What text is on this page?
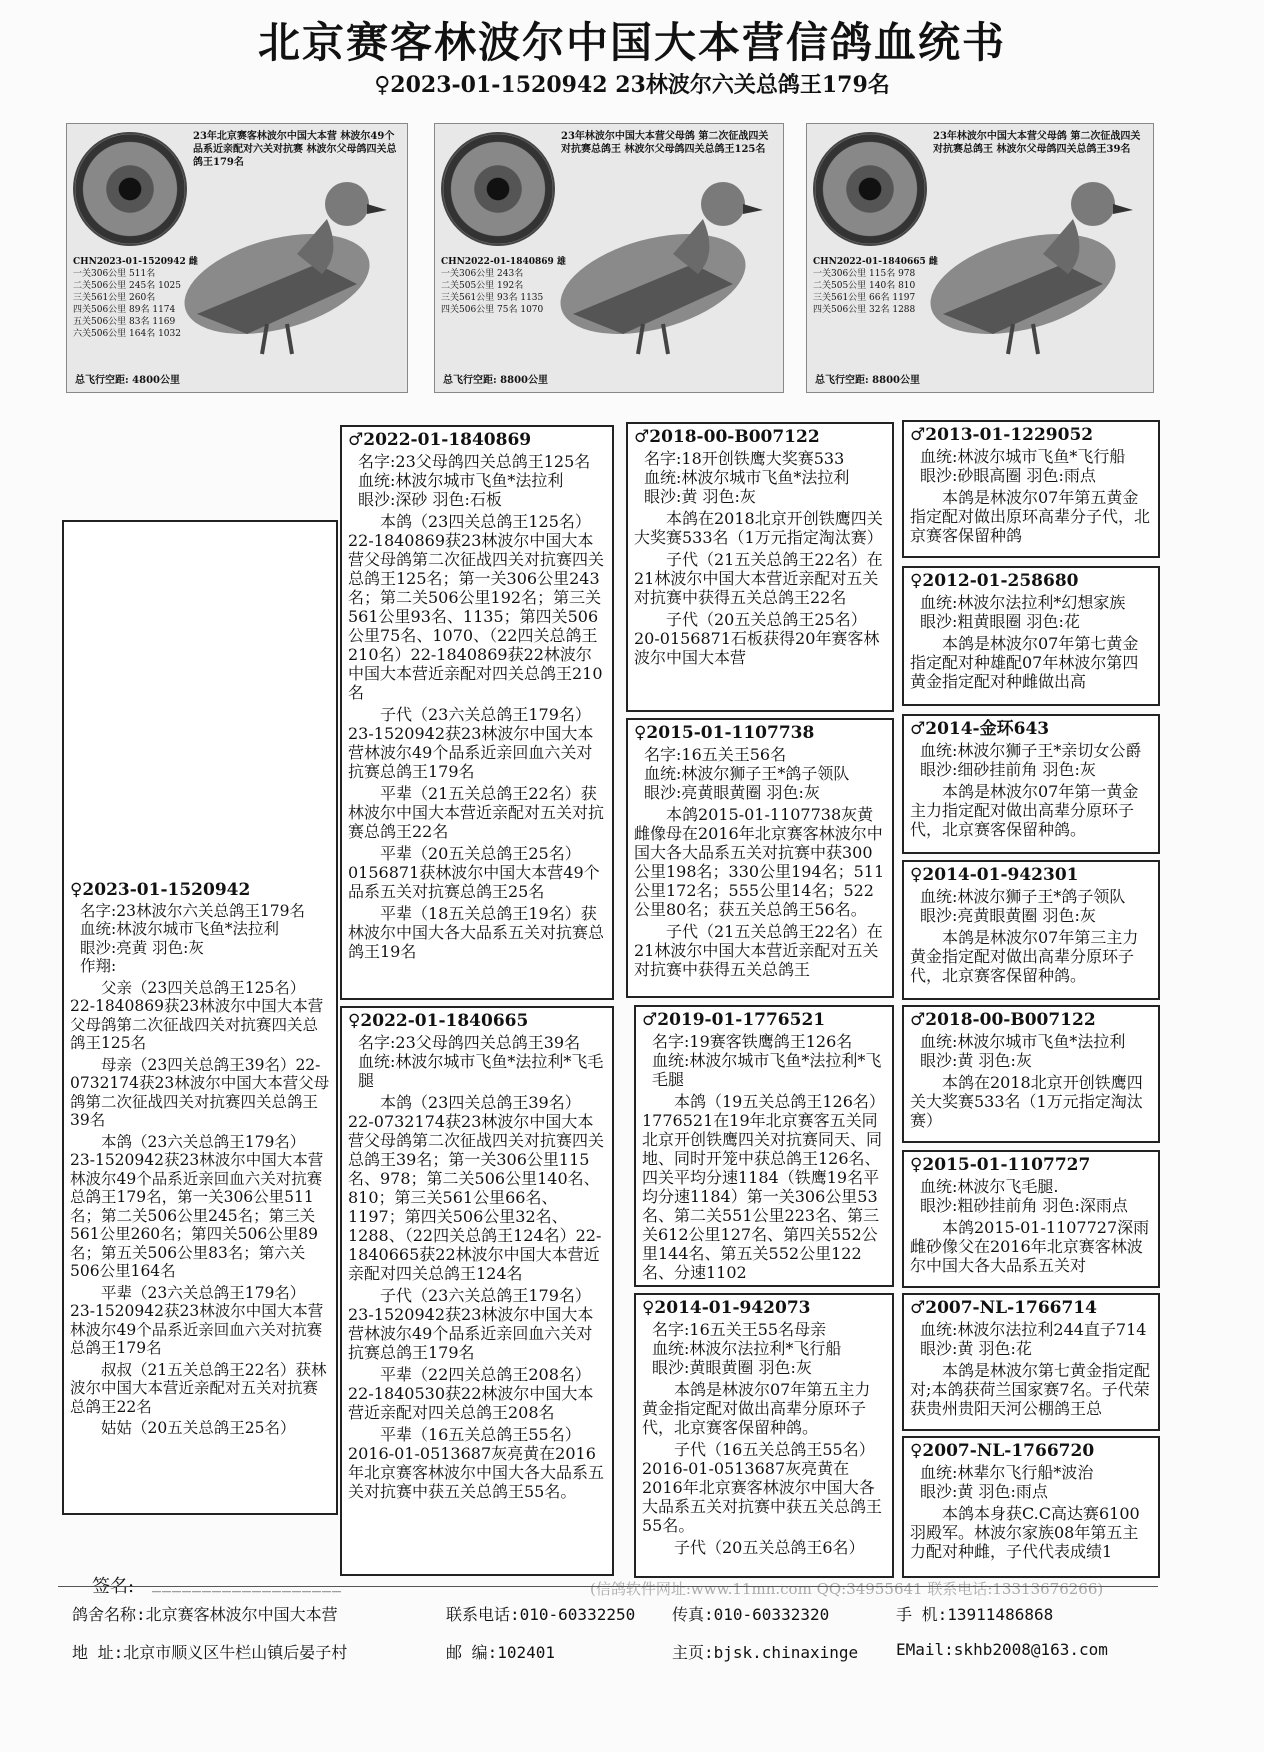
北京赛客林波尔中国大本营信鸽血统书
♀2023-01-1520942 23林波尔六关总鸽王179名
23年北京赛客林波尔中国大本营 林波尔49个品系近亲配对六关对抗赛 林波尔父母鸽四关总鸽王179名
CHN2023-01-1520942 雌
一关306公里 511名
二关506公里 245名 1025
三关561公里 260名
四关506公里 89名 1174
五关506公里 83名 1169
六关506公里 164名 1032
总飞行空距: 4800公里
23年林波尔中国大本营父母鸽 第二次征战四关对抗赛总鸽王 林波尔父母鸽四关总鸽王125名
CHN2022-01-1840869 雄
一关306公里 243名
二关505公里 192名
三关561公里 93名 1135
四关506公里 75名 1070
总飞行空距: 8800公里
23年林波尔中国大本营父母鸽 第二次征战四关对抗赛总鸽王 林波尔父母鸽四关总鸽王39名
CHN2022-01-1840665 雌
一关306公里 115名 978
二关505公里 140名 810
三关561公里 66名 1197
四关506公里 32名 1288
总飞行空距: 8800公里
♀2023-01-1520942
名字:23林波尔六关总鸽王179名
血统:林波尔城市飞鱼*法拉利
眼沙:亮黄 羽色:灰
作翔:

父亲（23四关总鸽王125名）22-1840869获23林波尔中国大本营父母鸽第二次征战四关对抗赛四关总鸽王125名

母亲（23四关总鸽王39名）22-0732174获23林波尔中国大本营父母鸽第二次征战四关对抗赛四关总鸽王39名

本鸽（23六关总鸽王179名）23-1520942获23林波尔中国大本营林波尔49个品系近亲回血六关对抗赛总鸽王179名，第一关306公里511名；第二关506公里245名；第三关561公里260名；第四关506公里89名；第五关506公里83名；第六关506公里164名

平辈（23六关总鸽王179名）23-1520942获23林波尔中国大本营林波尔49个品系近亲回血六关对抗赛总鸽王179名

叔叔（21五关总鸽王22名）获林波尔中国大本营近亲配对五关对抗赛总鸽王22名

姑姑（20五关总鸽王25名）

♂2022-01-1840869
名字:23父母鸽四关总鸽王125名
血统:林波尔城市飞鱼*法拉利
眼沙:深砂 羽色:石板

本鸽（23四关总鸽王125名）22-1840869获23林波尔中国大本营父母鸽第二次征战四关对抗赛四关总鸽王125名；第一关306公里243名；第二关506公里192名；第三关561公里93名、1135；第四关506公里75名、1070、（22四关总鸽王210名）22-1840869获22林波尔中国大本营近亲配对四关总鸽王210名

子代（23六关总鸽王179名）23-1520942获23林波尔中国大本营林波尔49个品系近亲回血六关对抗赛总鸽王179名

平辈（21五关总鸽王22名）获林波尔中国大本营近亲配对五关对抗赛总鸽王22名

平辈（20五关总鸽王25名）0156871获林波尔中国大本营49个品系五关对抗赛总鸽王25名

平辈（18五关总鸽王19名）获林波尔中国大各大品系五关对抗赛总鸽王19名

♀2022-01-1840665
名字:23父母鸽四关总鸽王39名
血统:林波尔城市飞鱼*法拉利*飞毛腿

本鸽（23四关总鸽王39名）22-0732174获23林波尔中国大本营父母鸽第二次征战四关对抗赛四关总鸽王39名；第一关306公里115名、978；第二关506公里140名、810；第三关561公里66名、1197；第四关506公里32名、1288、（22四关总鸽王124名）22-1840665获22林波尔中国大本营近亲配对四关总鸽王124名

子代（23六关总鸽王179名）23-1520942获23林波尔中国大本营林波尔49个品系近亲回血六关对抗赛总鸽王179名

平辈（22四关总鸽王208名）22-1840530获22林波尔中国大本营近亲配对四关总鸽王208名

平辈（16五关总鸽王55名）2016-01-0513687灰亮黄在2016年北京赛客林波尔中国大各大品系五关对抗赛中获五关总鸽王55名。

♂2018-00-B007122
名字:18开创铁鹰大奖赛533
血统:林波尔城市飞鱼*法拉利
眼沙:黄 羽色:灰

本鸽在2018北京开创铁鹰四关大奖赛533名（1万元指定淘汰赛）

子代（21五关总鸽王22名）在21林波尔中国大本营近亲配对五关对抗赛中获得五关总鸽王22名

子代（20五关总鸽王25名）20-0156871石板获得20年赛客林波尔中国大本营

♀2015-01-1107738
名字:16五关王56名
血统:林波尔狮子王*鸽子领队
眼沙:亮黄眼黄圈 羽色:灰

本鸽2015-01-1107738灰黄雌像母在2016年北京赛客林波尔中国大各大品系五关对抗赛中获300公里198名；330公里194名；511公里172名；555公里14名；522公里80名；获五关总鸽王56名。

子代（21五关总鸽王22名）在21林波尔中国大本营近亲配对五关对抗赛中获得五关总鸽王

♂2019-01-1776521
名字:19赛客铁鹰鸽王126名
血统:林波尔城市飞鱼*法拉利*飞毛腿

本鸽（19五关总鸽王126名）1776521在19年北京赛客五关同北京开创铁鹰四关对抗赛同天、同地、同时开笼中获总鸽王126名、四关平均分速1184（铁鹰19名平均分速1184）第一关306公里53名、第二关551公里223名、第三关612公里127名、第四关552公里144名、第五关552公里122名、分速1102

♀2014-01-942073
名字:16五关王55名母亲
血统:林波尔法拉利*飞行船
眼沙:黄眼黄圈 羽色:灰

本鸽是林波尔07年第五主力黄金指定配对做出高辈分原环子代，北京赛客保留种鸽。

子代（16五关总鸽王55名）2016-01-0513687灰亮黄在2016年北京赛客林波尔中国大各大品系五关对抗赛中获五关总鸽王55名。

子代（20五关总鸽王6名）

♂2013-01-1229052
血统:林波尔城市飞鱼*飞行船
眼沙:砂眼高圈 羽色:雨点

本鸽是林波尔07年第五黄金指定配对做出原环高辈分子代，北京赛客保留种鸽

♀2012-01-258680
血统:林波尔法拉利*幻想家族
眼沙:粗黄眼圈 羽色:花

本鸽是林波尔07年第七黄金指定配对种雄配07年林波尔第四黄金指定配对种雌做出高

♂2014-金环643
血统:林波尔狮子王*亲切女公爵
眼沙:细砂挂前角 羽色:灰

本鸽是林波尔07年第一黄金主力指定配对做出高辈分原环子代，北京赛客保留种鸽。

♀2014-01-942301
血统:林波尔狮子王*鸽子领队
眼沙:亮黄眼黄圈 羽色:灰

本鸽是林波尔07年第三主力黄金指定配对做出高辈分原环子代，北京赛客保留种鸽。

♂2018-00-B007122
血统:林波尔城市飞鱼*法拉利
眼沙:黄 羽色:灰

本鸽在2018北京开创铁鹰四关大奖赛533名（1万元指定淘汰赛）

♀2015-01-1107727
血统:林波尔飞毛腿.
眼沙:粗砂挂前角 羽色:深雨点

本鸽2015-01-1107727深雨雌砂像父在2016年北京赛客林波尔中国大各大品系五关对

♂2007-NL-1766714
血统:林波尔法拉利244直子714
眼沙:黄 羽色:花

本鸽是林波尔第七黄金指定配对;本鸽获荷兰国家赛7名。子代荣获贵州贵阳天河公棚鸽王总

♀2007-NL-1766720
血统:林辈尔飞行船*波治
眼沙:黄 羽色:雨点

本鸽本身获C.C高达赛6100羽殿军。林波尔家族08年第五主力配对种雌，子代代表成绩1

签名: ___________________	(信鸽软件网址:www.11mn.com QQ:34955641 联系电话:13313676266)
鸽舍名称:北京赛客林波尔中国大本营	联系电话:010-60332250 传真:010-60332320	手 机:13911486868
地 址:北京市顺义区牛栏山镇后晏子村	邮 编:102401	主页:bjsk.chinaxinge EMail:skhb2008@163.com
